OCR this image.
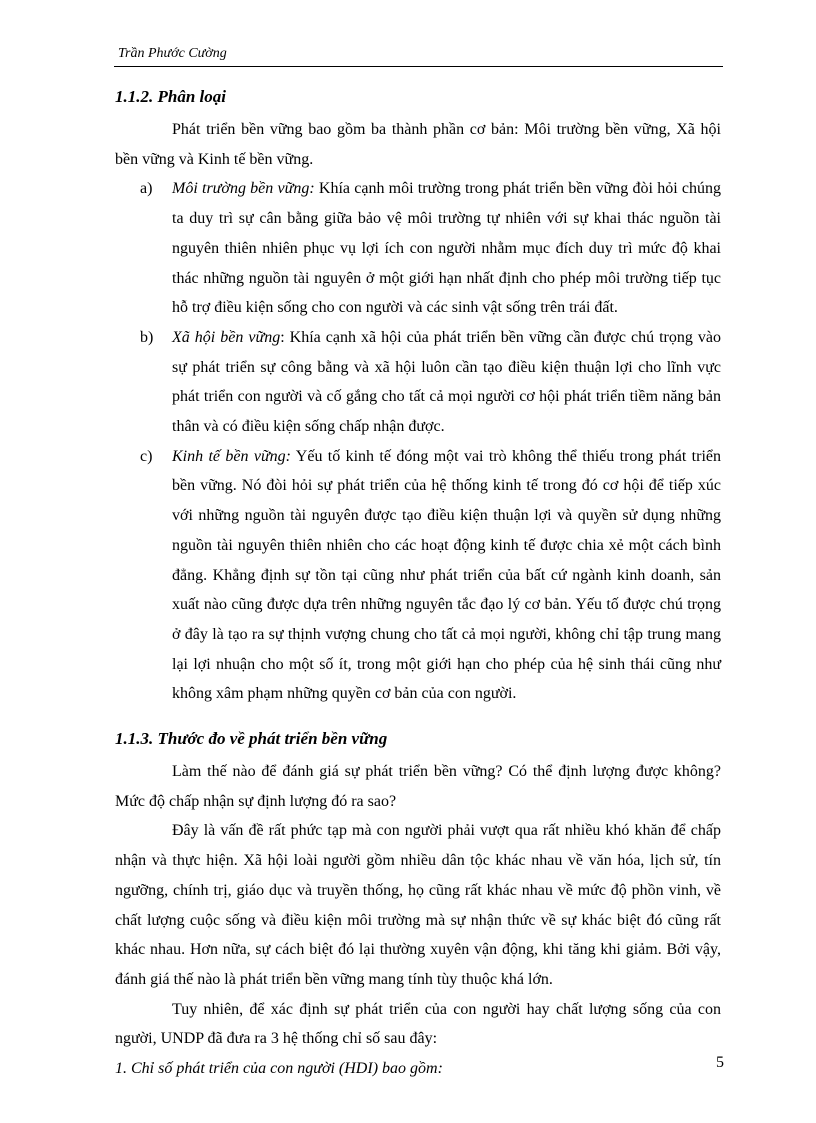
Trần Phước Cường
1.1.2. Phân loại

Phát triển bền vững bao gồm ba thành phần cơ bản: Môi trường bền vững, Xã hội bền vững và Kinh tế bền vững.

a) Môi trường bền vững: Khía cạnh môi trường trong phát triển bền vững đòi hỏi chúng ta duy trì sự cân bằng giữa bảo vệ môi trường tự nhiên với sự khai thác nguồn tài nguyên thiên nhiên phục vụ lợi ích con người nhằm mục đích duy trì mức độ khai thác những nguồn tài nguyên ở một giới hạn nhất định cho phép môi trường tiếp tục hỗ trợ điều kiện sống cho con người và các sinh vật sống trên trái đất.
b) Xã hội bền vững: Khía cạnh xã hội của phát triển bền vững cần được chú trọng vào sự phát triển sự công bằng và xã hội luôn cần tạo điều kiện thuận lợi cho lĩnh vực phát triển con người và cố gắng cho tất cả mọi người cơ hội phát triển tiềm năng bản thân và có điều kiện sống chấp nhận được.
c) Kinh tế bền vững: Yếu tố kinh tế đóng một vai trò không thể thiếu trong phát triển bền vững. Nó đòi hỏi sự phát triển của hệ thống kinh tế trong đó cơ hội để tiếp xúc với những nguồn tài nguyên được tạo điều kiện thuận lợi và quyền sử dụng những nguồn tài nguyên thiên nhiên cho các hoạt động kinh tế được chia xẻ một cách bình đẳng. Khẳng định sự tồn tại cũng như phát triển của bất cứ ngành kinh doanh, sản xuất nào cũng được dựa trên những nguyên tắc đạo lý cơ bản. Yếu tố được chú trọng ở đây là tạo ra sự thịnh vượng chung cho tất cả mọi người, không chỉ tập trung mang lại lợi nhuận cho một số ít, trong một giới hạn cho phép của hệ sinh thái cũng như không xâm phạm những quyền cơ bản của con người.
1.1.3. Thước đo về phát triển bền vững

Làm thế nào để đánh giá sự phát triển bền vững? Có thể định lượng được không? Mức độ chấp nhận sự định lượng đó ra sao?

Đây là vấn đề rất phức tạp mà con người phải vượt qua rất nhiều khó khăn để chấp nhận và thực hiện. Xã hội loài người gồm nhiều dân tộc khác nhau về văn hóa, lịch sử, tín ngưỡng, chính trị, giáo dục và truyền thống, họ cũng rất khác nhau về mức độ phồn vinh, về chất lượng cuộc sống và điều kiện môi trường mà sự nhận thức về sự khác biệt đó cũng rất khác nhau. Hơn nữa, sự cách biệt đó lại thường xuyên vận động, khi tăng khi giảm. Bởi vậy, đánh giá thế nào là phát triển bền vững mang tính tùy thuộc khá lớn.

Tuy nhiên, để xác định sự phát triển của con người hay chất lượng sống của con người, UNDP đã đưa ra 3 hệ thống chỉ số sau đây:

1. Chỉ số phát triển của con người (HDI) bao gồm:	5
